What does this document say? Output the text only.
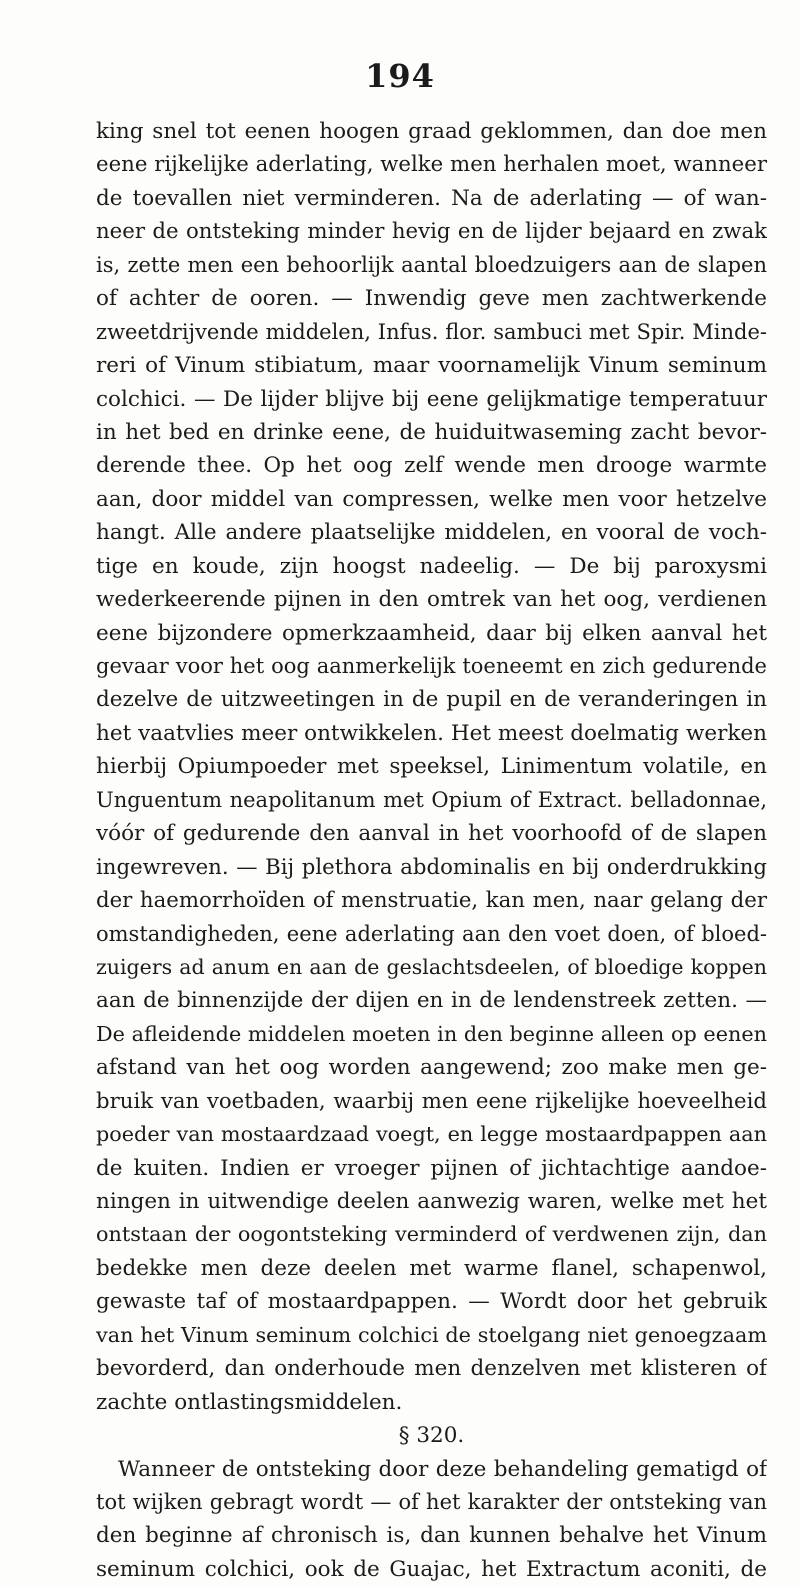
194
king snel tot eenen hoogen graad geklommen, dan doe men
eene rijkelijke aderlating, welke men herhalen moet, wanneer
de toevallen niet verminderen. Na de aderlating — of wan-
neer de ontsteking minder hevig en de lijder bejaard en zwak
is, zette men een behoorlijk aantal bloedzuigers aan de slapen
of achter de ooren. — Inwendig geve men zachtwerkende
zweetdrijvende middelen, Infus. flor. sambuci met Spir. Minde-
reri of Vinum stibiatum, maar voornamelijk Vinum seminum
colchici. — De lijder blijve bij eene gelijkmatige temperatuur
in het bed en drinke eene, de huiduitwaseming zacht bevor-
derende thee. Op het oog zelf wende men drooge warmte
aan, door middel van compressen, welke men voor hetzelve
hangt. Alle andere plaatselijke middelen, en vooral de voch-
tige en koude, zijn hoogst nadeelig. — De bij paroxysmi
wederkeerende pijnen in den omtrek van het oog, verdienen
eene bijzondere opmerkzaamheid, daar bij elken aanval het
gevaar voor het oog aanmerkelijk toeneemt en zich gedurende
dezelve de uitzweetingen in de pupil en de veranderingen in
het vaatvlies meer ontwikkelen. Het meest doelmatig werken
hierbij Opiumpoeder met speeksel, Linimentum volatile, en
Unguentum neapolitanum met Opium of Extract. belladonnae,
vóór of gedurende den aanval in het voorhoofd of de slapen
ingewreven. — Bij plethora abdominalis en bij onderdrukking
der haemorrhoïden of menstruatie, kan men, naar gelang der
omstandigheden, eene aderlating aan den voet doen, of bloed-
zuigers ad anum en aan de geslachtsdeelen, of bloedige koppen
aan de binnenzijde der dijen en in de lendenstreek zetten. —
De afleidende middelen moeten in den beginne alleen op eenen
afstand van het oog worden aangewend; zoo make men ge-
bruik van voetbaden, waarbij men eene rijkelijke hoeveelheid
poeder van mostaardzaad voegt, en legge mostaardpappen aan
de kuiten. Indien er vroeger pijnen of jichtachtige aandoe-
ningen in uitwendige deelen aanwezig waren, welke met het
ontstaan der oogontsteking verminderd of verdwenen zijn, dan
bedekke men deze deelen met warme flanel, schapenwol,
gewaste taf of mostaardpappen. — Wordt door het gebruik
van het Vinum seminum colchici de stoelgang niet genoegzaam
bevorderd, dan onderhoude men denzelven met klisteren of
zachte ontlastingsmiddelen.
§ 320.
Wanneer de ontsteking door deze behandeling gematigd of
tot wijken gebragt wordt — of het karakter der ontsteking van
den beginne af chronisch is, dan kunnen behalve het Vinum
seminum colchici, ook de Guajac, het Extractum aconiti, de
